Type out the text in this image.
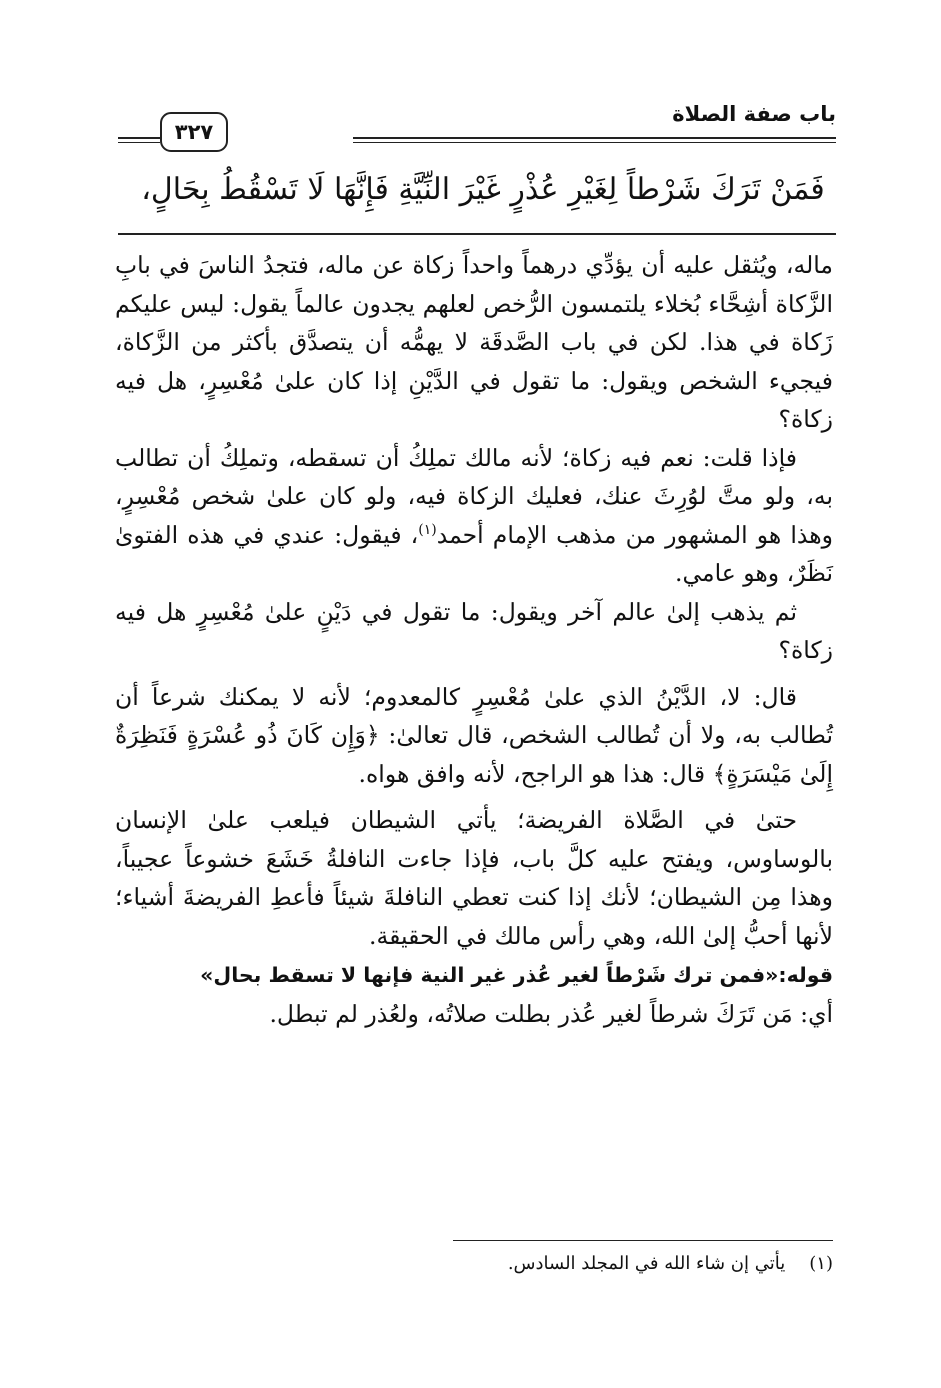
باب صفة الصلاة
٣٢٧
فَمَنْ تَرَكَ شَرْطاً لِغَيْرِ عُذْرٍ غَيْرَ النِّيَّةِ فَإِنَّهَا لَا تَسْقُطُ بِحَالٍ،

ماله، ويُثقل عليه أن يؤدِّي درهماً واحداً زكاة عن ماله، فتجدُ الناسَ في بابِ الزَّكاة أشِحَّاء بُخلاء يلتمسون الرُّخص لعلهم يجدون عالماً يقول: ليس عليكم زَكاة في هذا. لكن في باب الصَّدقَة لا يهمُّه أن يتصدَّق بأكثر من الزَّكاة، فيجيء الشخص ويقول: ما تقول في الدَّيْنِ إذا كان علىٰ مُعْسِرٍ، هل فيه زكاة؟

فإذا قلت: نعم فيه زكاة؛ لأنه مالك تملِكُ أن تسقطه، وتملِكُ أن تطالب به، ولو متَّ لوُرِثَ عنك، فعليك الزكاة فيه، ولو كان علىٰ شخص مُعْسِرٍ، وهذا هو المشهور من مذهب الإمام أحمد$^{(١)}$، فيقول: عندي في هذه الفتوىٰ نَظَرٌ، وهو عامي.

ثم يذهب إلىٰ عالم آخر ويقول: ما تقول في دَيْنٍ علىٰ مُعْسِرٍ هل فيه زكاة؟

قال: لا، الدَّيْنُ الذي علىٰ مُعْسِرٍ كالمعدوم؛ لأنه لا يمكنك شرعاً أن تُطالب به، ولا أن تُطالب الشخص، قال تعالىٰ: ﴿وَإِن كَانَ ذُو عُسْرَةٍ فَنَظِرَةٌ إِلَىٰ مَيْسَرَةٍ﴾ قال: هذا هو الراجح، لأنه وافق هواه.

حتىٰ في الصَّلاة الفريضة؛ يأتي الشيطان فيلعب علىٰ الإنسان بالوساوس، ويفتح عليه كلَّ باب، فإذا جاءت النافلةُ خَشَعَ خشوعاً عجيباً، وهذا مِن الشيطان؛ لأنك إذا كنت تعطي النافلةَ شيئاً فأعطِ الفريضةَ أشياء؛ لأنها أحبُّ إلىٰ الله، وهي رأس مالك في الحقيقة.

قوله:«فمن ترك شَرْطاً لغير عُذر غير النية فإنها لا تسقط بحال»

أي: مَن تَرَكَ شرطاً لغير عُذر بطلت صلاتُه، ولعُذر لم تبطل.

(١)يأتي إن شاء الله في المجلد السادس.
